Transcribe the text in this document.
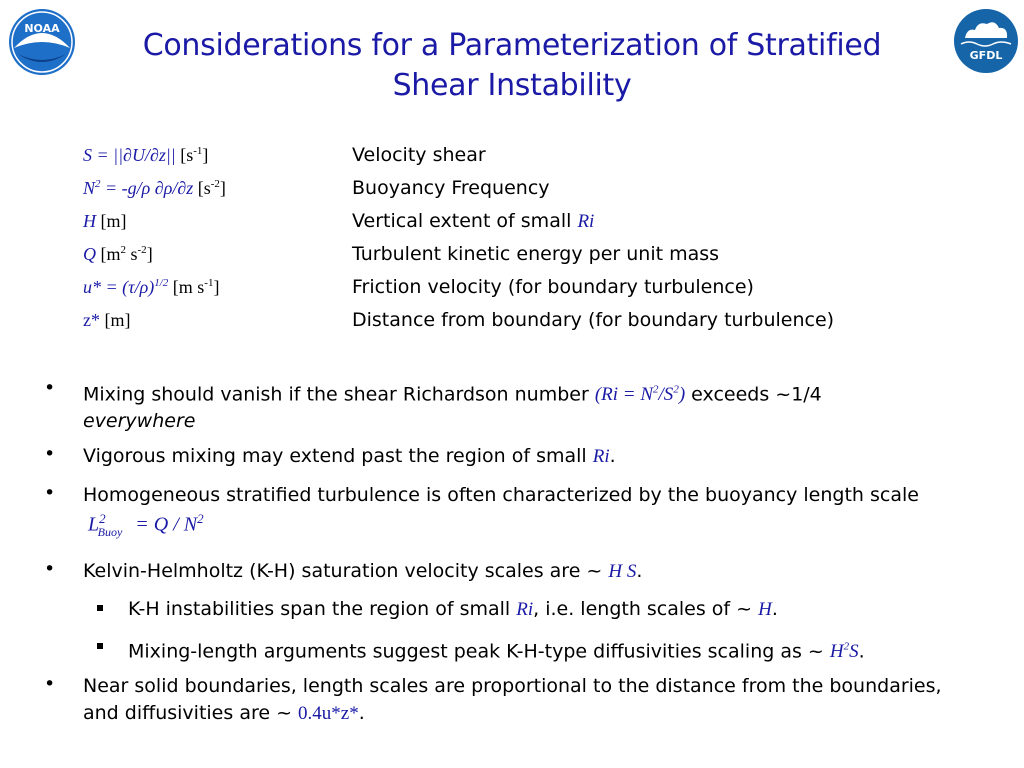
NOAA
GFDL
Considerations for a Parameterization of Stratified
Shear Instability
S = ||∂U/∂z|| $[s^{-1}]$	Velocity shear
$N^2 = -g/\rho$ ∂ρ/∂z $[s^{-2}]$	Buoyancy Frequency
H [m]	Vertical extent of small Ri
Q [$m^2$ $s^{-2}$]	Turbulent kinetic energy per unit mass
$u* = (\tau/\rho)^{1/2}$ [m $s^{-1}$]	Friction velocity (for boundary turbulence)
z* [m]	Distance from boundary (for boundary turbulence)
• Mixing should vanish if the shear Richardson number $(Ri = N^2/S^2)$ exceeds ~1/4
everywhere
• Vigorous mixing may extend past the region of small Ri.
• Homogeneous stratified turbulence is often characterized by the buoyancy length scale
$L^2_{Buoy} = Q / N^2$
• Kelvin-Helmholtz (K-H) saturation velocity scales are ~ H S.
K-H instabilities span the region of small Ri, i.e. length scales of ~ H.
Mixing-length arguments suggest peak K-H-type diffusivities scaling as ~ $H^2S$.
• Near solid boundaries, length scales are proportional to the distance from the boundaries,
and diffusivities are ~ 0.4u*z*.
